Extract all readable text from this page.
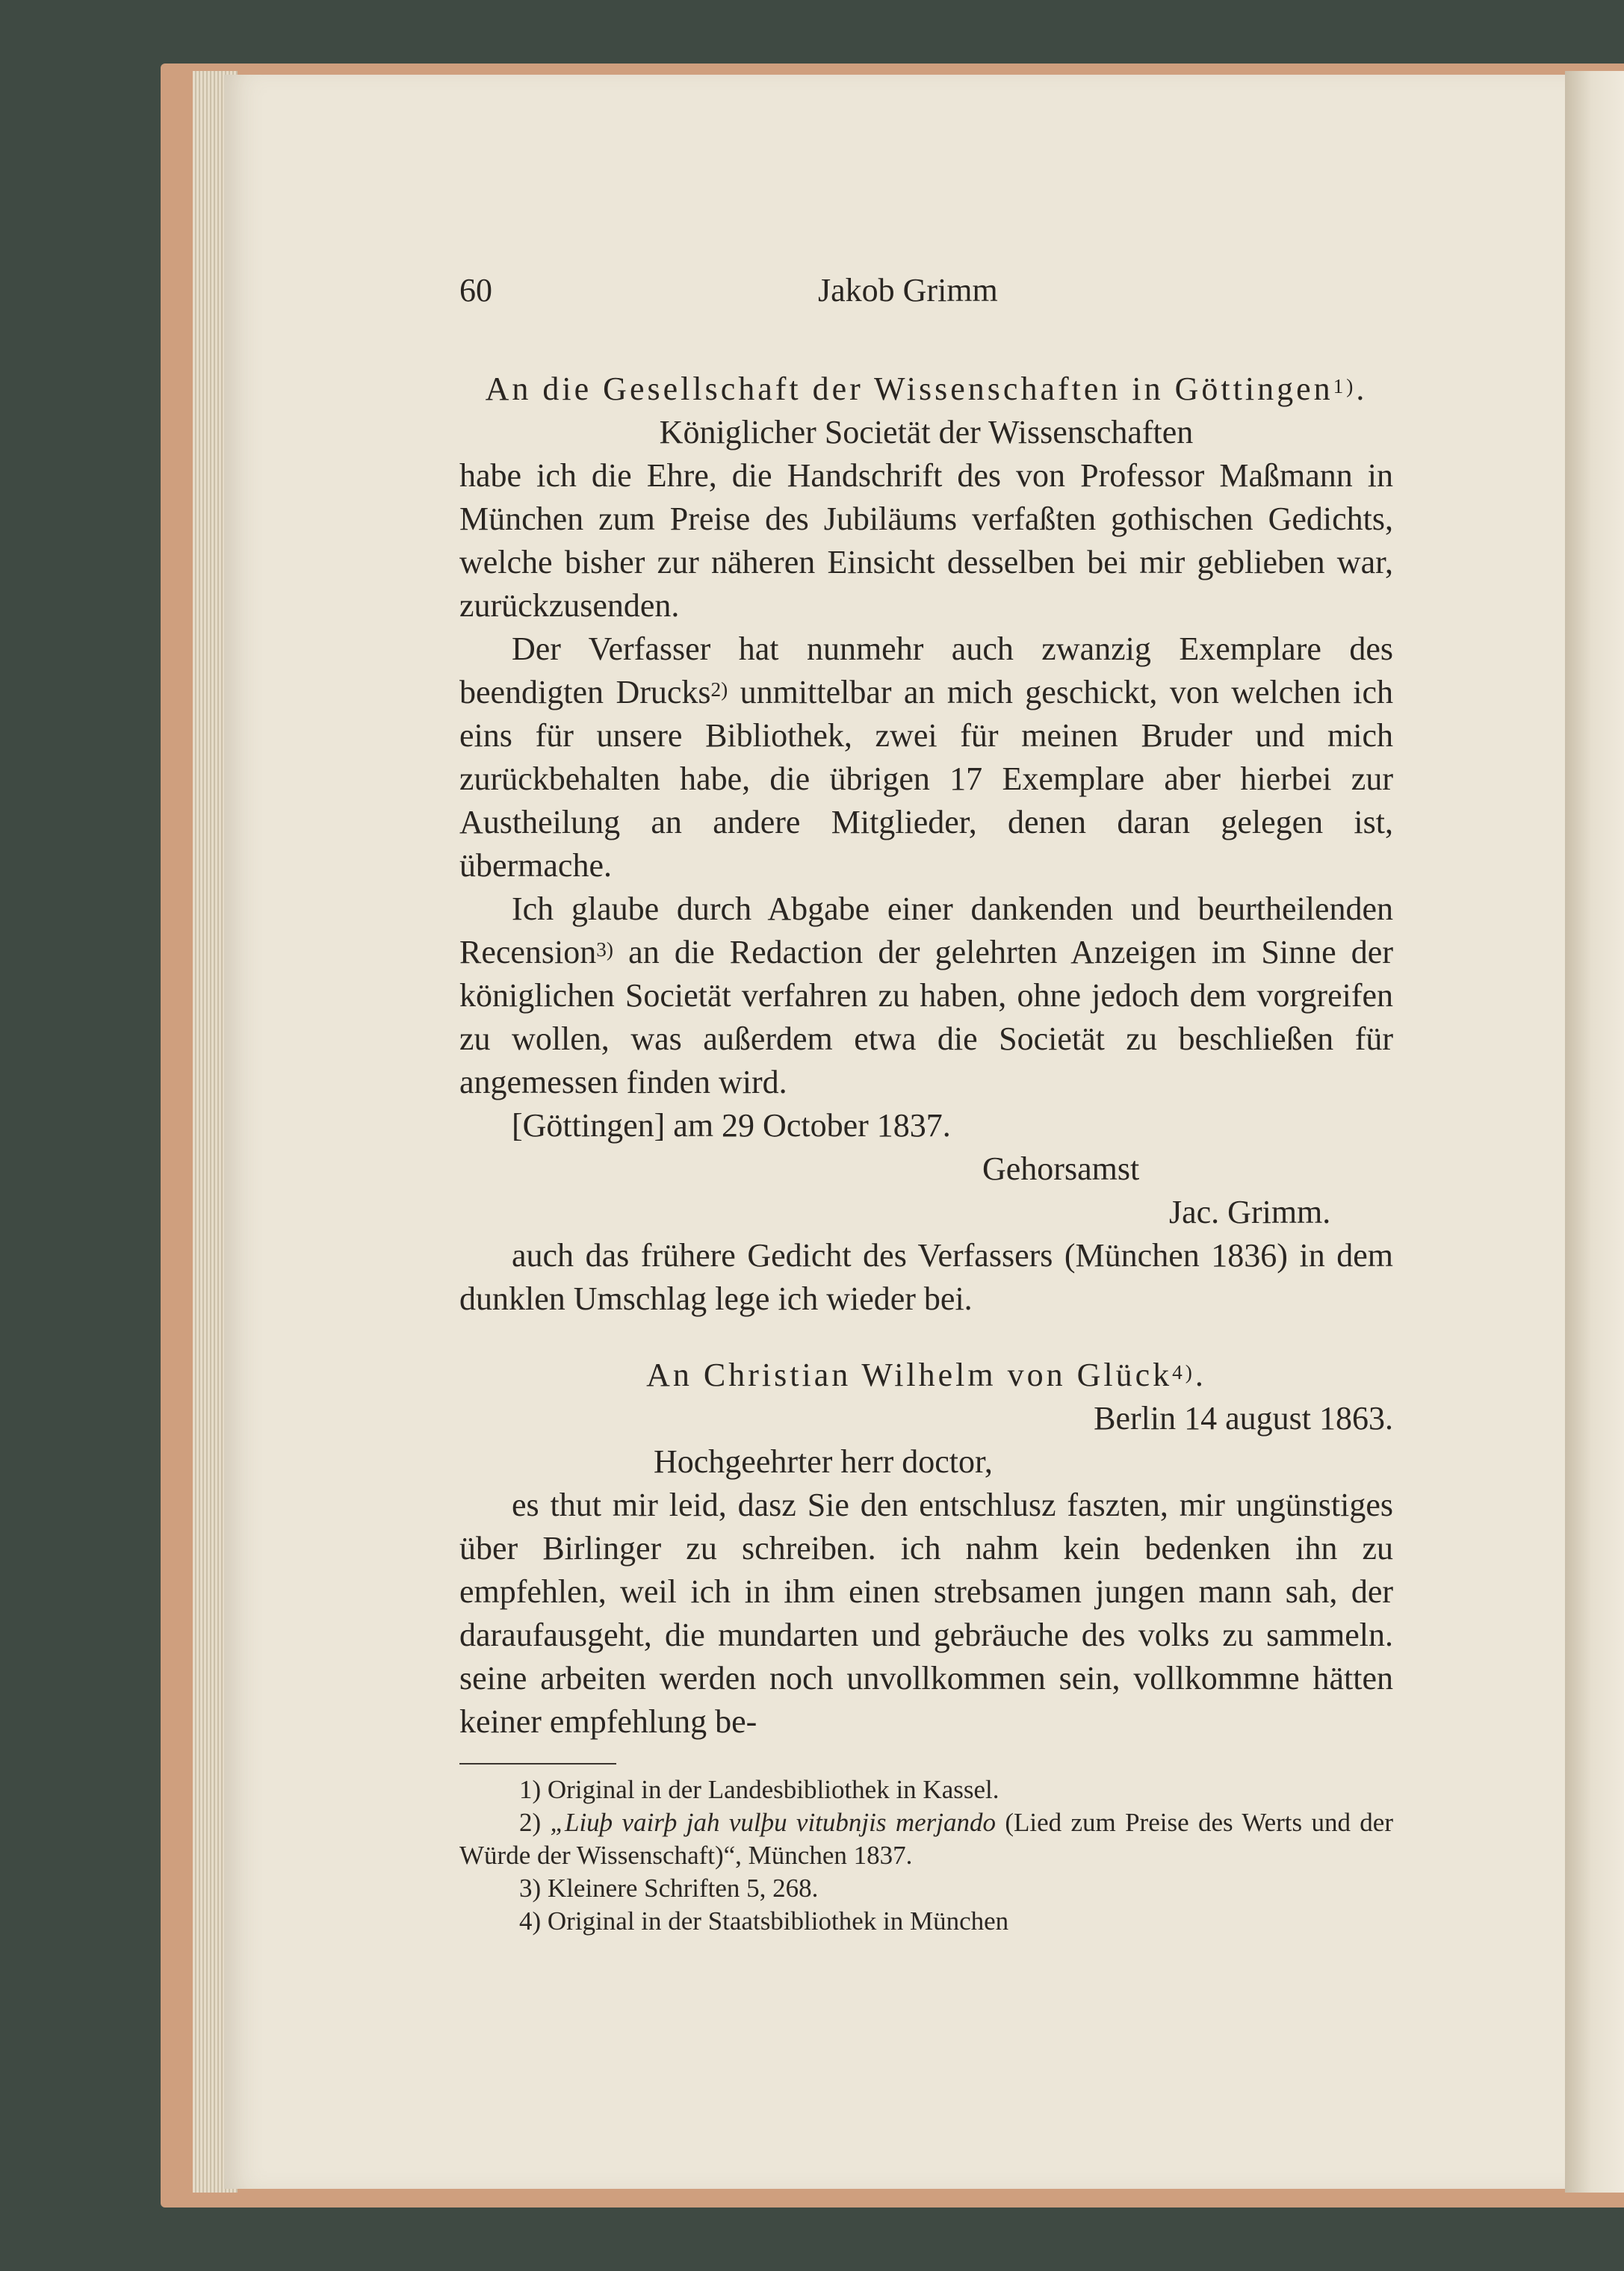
60	Jakob Grimm
An die Gesellschaft der Wissenschaften in Göttingen$^{1)}$.
Königlicher Societät der Wissenschaften

habe ich die Ehre, die Handschrift des von Professor Maßmann in München zum Preise des Jubiläums verfaßten gothischen Gedichts, welche bisher zur näheren Einsicht desselben bei mir geblieben war, zurückzusenden.

Der Verfasser hat nunmehr auch zwanzig Exemplare des beendigten Drucks$^{2)}$ unmittelbar an mich geschickt, von welchen ich eins für unsere Bibliothek, zwei für meinen Bruder und mich zurückbehalten habe, die übrigen 17 Exemplare aber hierbei zur Austheilung an andere Mitglieder, denen daran gelegen ist, übermache.

Ich glaube durch Abgabe einer dankenden und beurtheilenden Recension$^{3)}$ an die Redaction der gelehrten Anzeigen im Sinne der königlichen Societät verfahren zu haben, ohne jedoch dem vorgreifen zu wollen, was außerdem etwa die Societät zu beschließen für angemessen finden wird.

[Göttingen] am 29 October 1837.

Gehorsamst
Jac. Grimm.

auch das frühere Gedicht des Verfassers (München 1836) in dem dunklen Umschlag lege ich wieder bei.

An Christian Wilhelm von Glück$^{4)}$.
Berlin 14 august 1863.
Hochgeehrter herr doctor,

es thut mir leid, dasz Sie den entschlusz faszten, mir ungünstiges über Birlinger zu schreiben. ich nahm kein bedenken ihn zu empfehlen, weil ich in ihm einen strebsamen jungen mann sah, der daraufausgeht, die mundarten und gebräuche des volks zu sammeln. seine arbeiten werden noch unvollkommen sein, vollkommne hätten keiner empfehlung be-

1) Original in der Landesbibliothek in Kassel.

2) „Liuþ vairþ jah vulþu vitubnjis merjando (Lied zum Preise des Werts und der Würde der Wissenschaft)“, München 1837.

3) Kleinere Schriften 5, 268.

4) Original in der Staatsbibliothek in München
